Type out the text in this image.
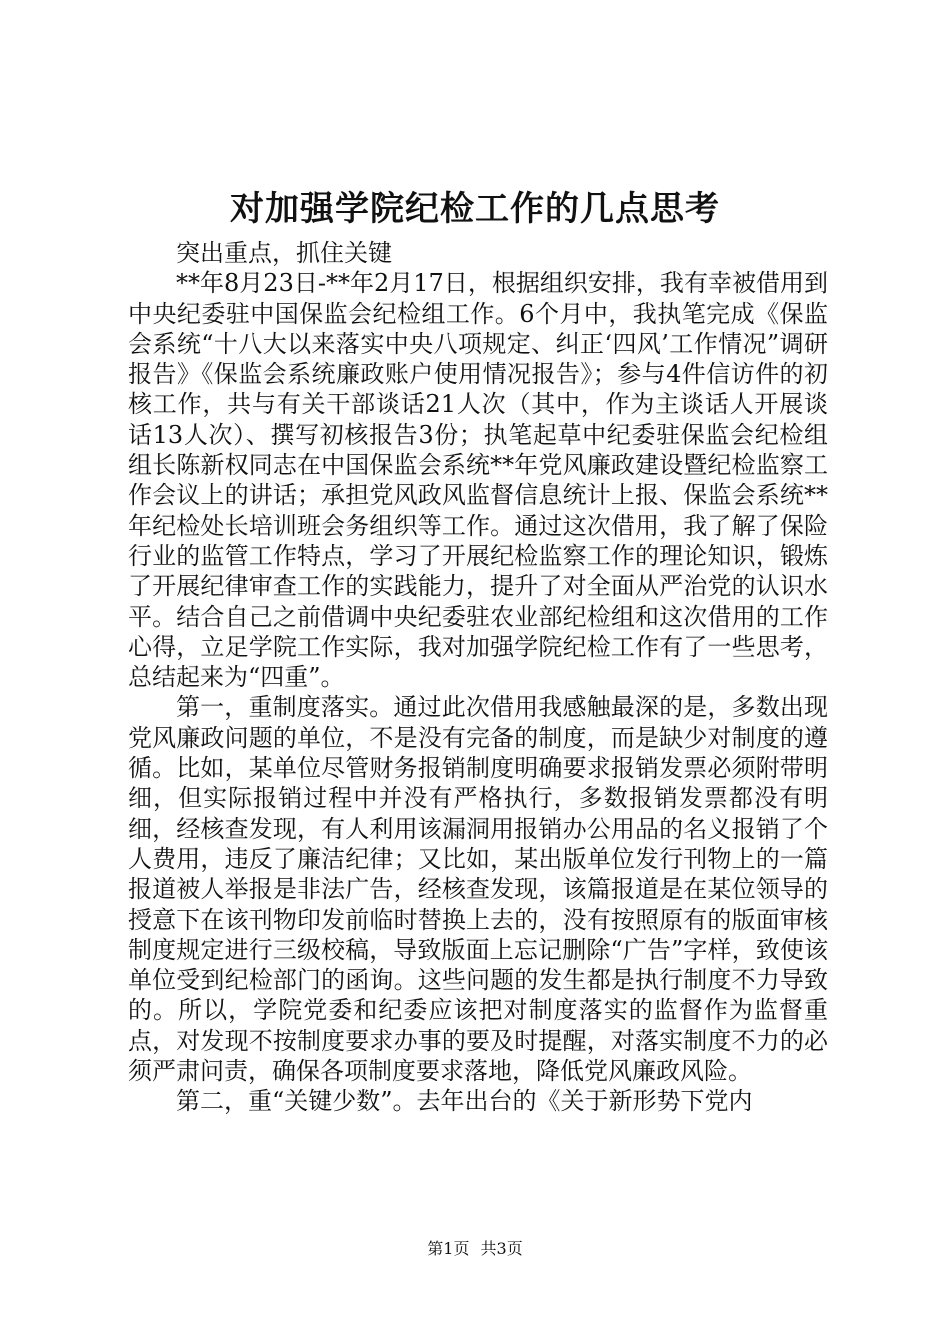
对加强学院纪检工作的几点思考

突出重点，抓住关键

**年8月23日-**年2月17日，根据组织安排，我有幸被借用到中央纪委驻中国保监会纪检组工作。6个月中，我执笔完成《保监会系统“十八大以来落实中央八项规定、纠正‘四风’工作情况”调研报告》《保监会系统廉政账户使用情况报告》；参与4件信访件的初核工作，共与有关干部谈话21人次（其中，作为主谈话人开展谈话13人次）、撰写初核报告3份；执笔起草中纪委驻保监会纪检组组长陈新权同志在中国保监会系统**年党风廉政建设暨纪检监察工作会议上的讲话；承担党风政风监督信息统计上报、保监会系统**年纪检处长培训班会务组织等工作。通过这次借用，我了解了保险行业的监管工作特点，学习了开展纪检监察工作的理论知识，锻炼了开展纪律审查工作的实践能力，提升了对全面从严治党的认识水平。结合自己之前借调中央纪委驻农业部纪检组和这次借用的工作心得，立足学院工作实际，我对加强学院纪检工作有了一些思考，总结起来为“四重”。

第一，重制度落实。通过此次借用我感触最深的是，多数出现党风廉政问题的单位，不是没有完备的制度，而是缺少对制度的遵循。比如，某单位尽管财务报销制度明确要求报销发票必须附带明细，但实际报销过程中并没有严格执行，多数报销发票都没有明细，经核查发现，有人利用该漏洞用报销办公用品的名义报销了个人费用，违反了廉洁纪律；又比如，某出版单位发行刊物上的一篇报道被人举报是非法广告，经核查发现，该篇报道是在某位领导的授意下在该刊物印发前临时替换上去的，没有按照原有的版面审核制度规定进行三级校稿，导致版面上忘记删除“广告”字样，致使该单位受到纪检部门的函询。这些问题的发生都是执行制度不力导致的。所以，学院党委和纪委应该把对制度落实的监督作为监督重点，对发现不按制度要求办事的要及时提醒，对落实制度不力的必须严肃问责，确保各项制度要求落地，降低党风廉政风险。

第二，重“关键少数”。去年出台的《关于新形势下党内

第1页 共3页
